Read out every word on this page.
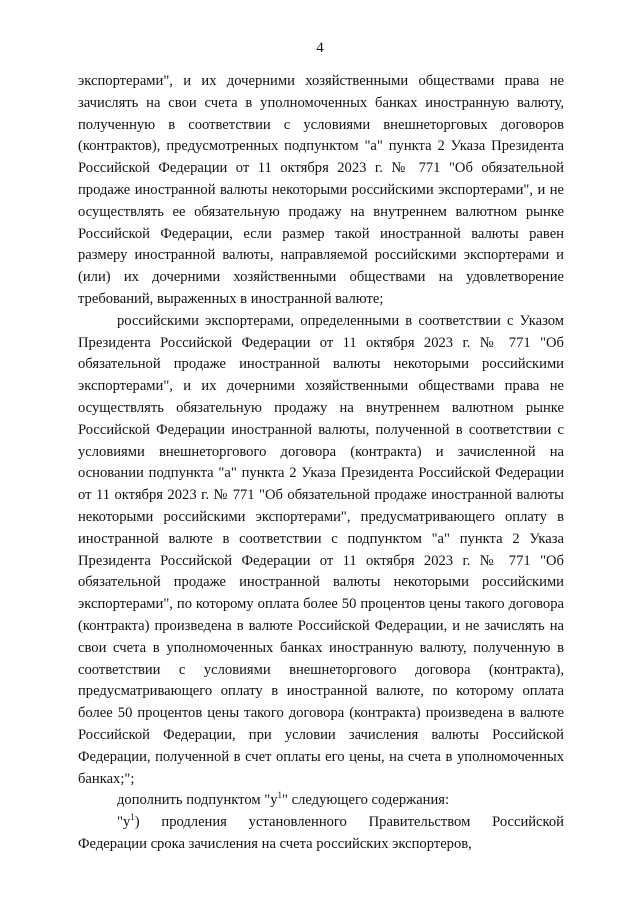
4

экспортерами", и их дочерними хозяйственными обществами права не зачислять на свои счета в уполномоченных банках иностранную валюту, полученную в соответствии с условиями внешнеторговых договоров (контрактов), предусмотренных подпунктом "а" пункта 2 Указа Президента Российской Федерации от 11 октября 2023 г. № 771 "Об обязательной продаже иностранной валюты некоторыми российскими экспортерами", и не осуществлять ее обязательную продажу на внутреннем валютном рынке Российской Федерации, если размер такой иностранной валюты равен размеру иностранной валюты, направляемой российскими экспортерами и (или) их дочерними хозяйственными обществами на удовлетворение требований, выраженных в иностранной валюте;

российскими экспортерами, определенными в соответствии с Указом Президента Российской Федерации от 11 октября 2023 г. № 771 "Об обязательной продаже иностранной валюты некоторыми российскими экспортерами", и их дочерними хозяйственными обществами права не осуществлять обязательную продажу на внутреннем валютном рынке Российской Федерации иностранной валюты, полученной в соответствии с условиями внешнеторгового договора (контракта) и зачисленной на основании подпункта "а" пункта 2 Указа Президента Российской Федерации от 11 октября 2023 г. № 771 "Об обязательной продаже иностранной валюты некоторыми российскими экспортерами", предусматривающего оплату в иностранной валюте в соответствии с подпунктом "а" пункта 2 Указа Президента Российской Федерации от 11 октября 2023 г. № 771 "Об обязательной продаже иностранной валюты некоторыми российскими экспортерами", по которому оплата более 50 процентов цены такого договора (контракта) произведена в валюте Российской Федерации, и не зачислять на свои счета в уполномоченных банках иностранную валюту, полученную в соответствии с условиями внешнеторгового договора (контракта), предусматривающего оплату в иностранной валюте, по которому оплата более 50 процентов цены такого договора (контракта) произведена в валюте Российской Федерации, при условии зачисления валюты Российской Федерации, полученной в счет оплаты его цены, на счета в уполномоченных банках;";

дополнить подпунктом "$у^1$" следующего содержания:

"$у^1$) продления установленного Правительством Российской Федерации срока зачисления на счета российских экспортеров,
